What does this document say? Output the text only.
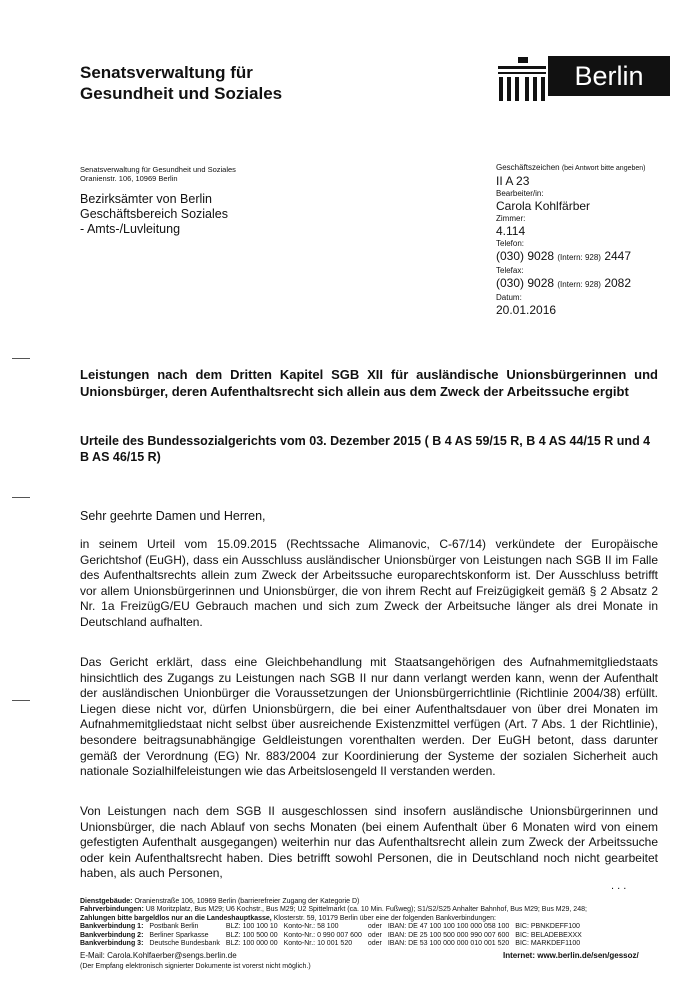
Senatsverwaltung für
Gesundheit und Soziales
Berlin
Senatsverwaltung für Gesundheit und Soziales
Oranienstr. 106, 10969 Berlin
Bezirksämter von Berlin
Geschäftsbereich Soziales
- Amts-/Luvleitung
Geschäftszeichen (bei Antwort bitte angeben)
II A 23
Bearbeiter/in:
Carola Kohlfärber
Zimmer:
4.114
Telefon:
(030) 9028 (Intern: 928) 2447
Telefax:
(030) 9028 (Intern: 928) 2082
Datum:
20.01.2016
Leistungen nach dem Dritten Kapitel SGB XII für ausländische Unionsbürgerinnen und Unionsbürger, deren Aufenthaltsrecht sich allein aus dem Zweck der Arbeitssuche ergibt
Urteile des Bundessozialgerichts vom 03. Dezember 2015 ( B 4 AS 59/15 R, B 4 AS 44/15 R und 4 B AS 46/15 R)
Sehr geehrte Damen und Herren,
in seinem Urteil vom 15.09.2015 (Rechtssache Alimanovic, C-67/14) verkündete der Europäische Gerichtshof (EuGH), dass ein Ausschluss ausländischer Unionsbürger von Leistungen nach SGB II im Falle des Aufenthaltsrechts allein zum Zweck der Arbeitssuche europarechtskonform ist. Der Ausschluss betrifft vor allem Unionsbürgerinnen und Unionsbürger, die von ihrem Recht auf Freizügigkeit gemäß § 2 Absatz 2 Nr. 1a FreizügG/EU Gebrauch machen und sich zum Zweck der Arbeitsuche länger als drei Monate in Deutschland aufhalten.
Das Gericht erklärt, dass eine Gleichbehandlung mit Staatsangehörigen des Aufnahmemitgliedstaats hinsichtlich des Zugangs zu Leistungen nach SGB II nur dann verlangt werden kann, wenn der Aufenthalt der ausländischen Unionbürger die Voraussetzungen der Unionsbürgerrichtlinie (Richtlinie 2004/38) erfüllt. Liegen diese nicht vor, dürfen Unionsbürgern, die bei einer Aufenthaltsdauer von über drei Monaten im Aufnahmemitgliedstaat nicht selbst über ausreichende Existenzmittel verfügen (Art. 7 Abs. 1 der Richtlinie), besondere beitragsunabhängige Geldleistungen vorenthalten werden. Der EuGH betont, dass darunter gemäß der Verordnung (EG) Nr. 883/2004 zur Koordinierung der Systeme der sozialen Sicherheit auch nationale Sozialhilfeleistungen wie das Arbeitslosengeld II verstanden werden.
Von Leistungen nach dem SGB II ausgeschlossen sind insofern ausländische Unionsbürgerinnen und Unionsbürger, die nach Ablauf von sechs Monaten (bei einem Aufenthalt über 6 Monaten wird von einem gefestigten Aufenthalt ausgegangen) weiterhin nur das Aufenthaltsrecht allein zum Zweck der Arbeitssuche oder kein Aufenthaltsrecht haben. Dies betrifft sowohl Personen, die in Deutschland noch nicht gearbeitet haben, als auch Personen,
. . .
Dienstgebäude: Oranienstraße 106, 10969 Berlin (barrierefreier Zugang der Kategorie D)
Fahrverbindungen: U8 Moritzplatz, Bus M29; U6 Kochstr., Bus M29; U2 Spittelmarkt (ca. 10 Min. Fußweg); S1/S2/S25 Anhalter Bahnhof, Bus M29; Bus M29, 248;
Zahlungen bitte bargeldlos nur an die Landeshauptkasse, Klosterstr. 59, 10179 Berlin über eine der folgenden Bankverbindungen:
Bankverbindung 1:	Postbank Berlin	BLZ: 100 100 10	Konto-Nr.: 58 100	oder	IBAN: DE 47 100 100 100 000 058 100	BIC: PBNKDEFF100
Bankverbindung 2:	Berliner Sparkasse	BLZ: 100 500 00	Konto-Nr.: 0 990 007 600	oder	IBAN: DE 25 100 500 000 990 007 600	BIC: BELADEBEXXX
Bankverbindung 3:	Deutsche Bundesbank	BLZ: 100 000 00	Konto-Nr.: 10 001 520	oder	IBAN: DE 53 100 000 000 010 001 520	BIC: MARKDEF1100
E-Mail: Carola.Kohlfaerber@sengs.berlin.de	Internet: www.berlin.de/sen/gessoz/
(Der Empfang elektronisch signierter Dokumente ist vorerst nicht möglich.)
